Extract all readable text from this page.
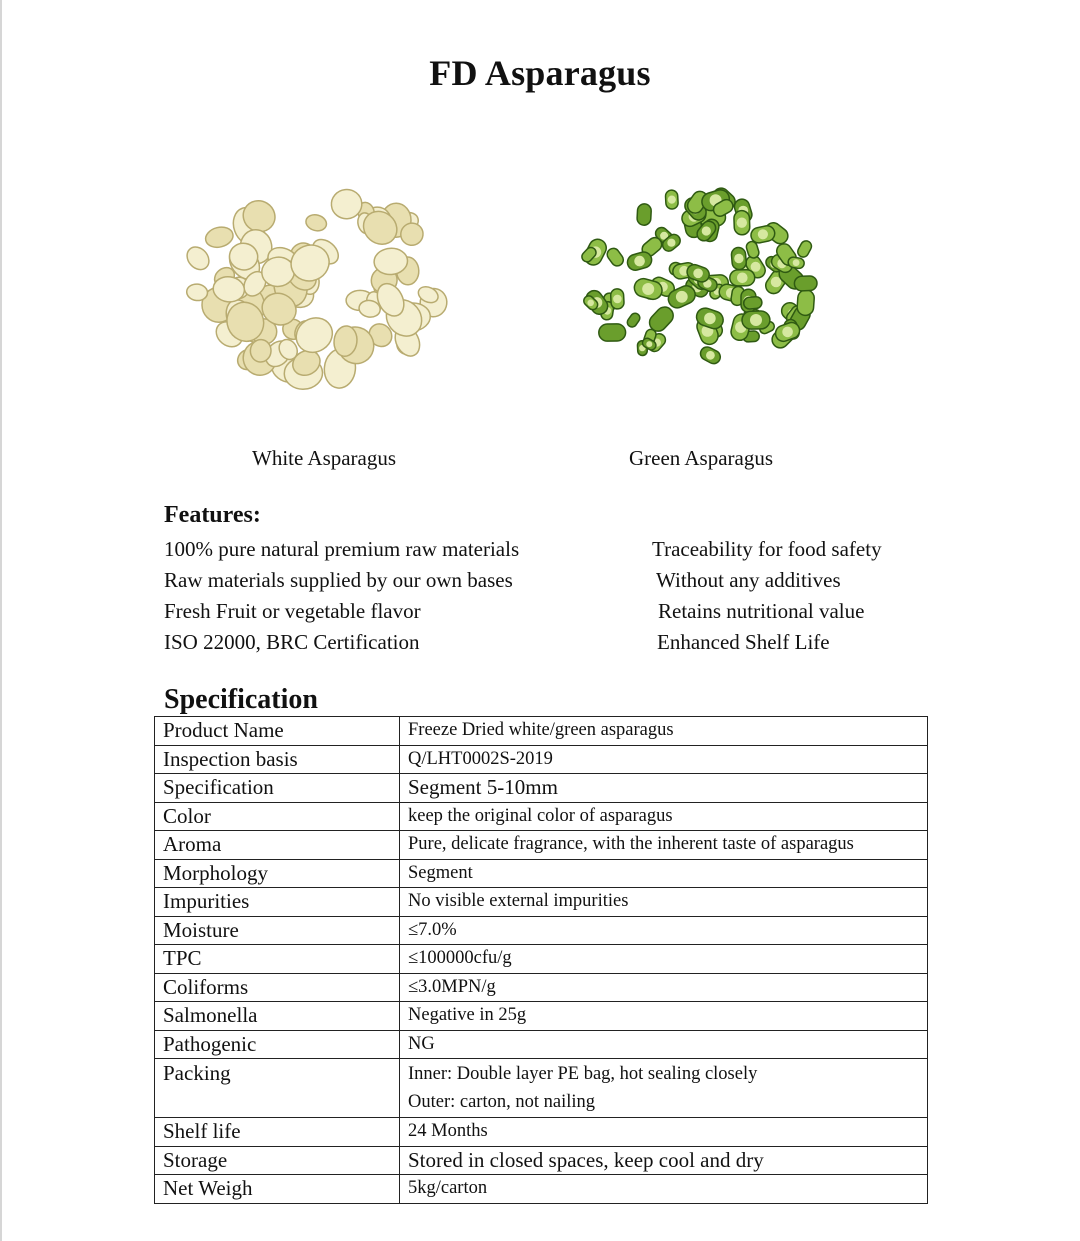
FD Asparagus
White Asparagus	Green Asparagus
Features:
100% pure natural premium raw materials
Raw materials supplied by our own bases
Fresh Fruit or vegetable flavor
ISO 22000, BRC Certification
Traceability for food safety
Without any additives
Retains nutritional value
Enhanced Shelf Life
Specification
Product Name	Freeze Dried white/green asparagus
Inspection basis	Q/LHT0002S-2019
Specification	Segment 5-10mm
Color	keep the original color of asparagus
Aroma	Pure, delicate fragrance, with the inherent taste of asparagus
Morphology	Segment
Impurities	No visible external impurities
Moisture	≤7.0%
TPC	≤100000cfu/g
Coliforms	≤3.0MPN/g
Salmonella	Negative in 25g
Pathogenic	NG
Packing	Inner: Double layer PE bag, hot sealing closely
Outer: carton, not nailing

Shelf life	24 Months
Storage	Stored in closed spaces, keep cool and dry
Net Weigh	5kg/carton
